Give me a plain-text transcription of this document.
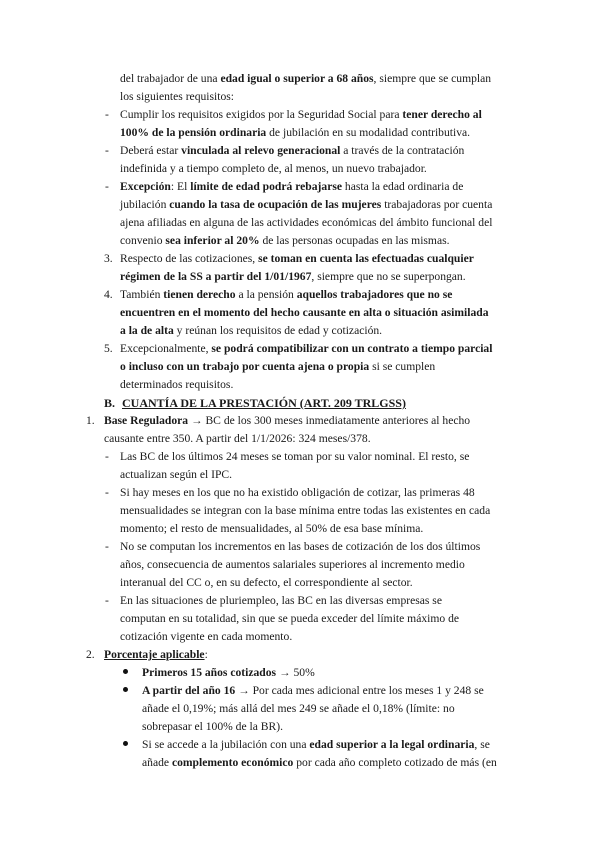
del trabajador de una edad igual o superior a 68 años, siempre que se cumplan
los siguientes requisitos:
- Cumplir los requisitos exigidos por la Seguridad Social para tener derecho al
100% de la pensión ordinaria de jubilación en su modalidad contributiva.
- Deberá estar vinculada al relevo generacional a través de la contratación
indefinida y a tiempo completo de, al menos, un nuevo trabajador.
- Excepción: El límite de edad podrá rebajarse hasta la edad ordinaria de
jubilación cuando la tasa de ocupación de las mujeres trabajadoras por cuenta
ajena afiliadas en alguna de las actividades económicas del ámbito funcional del
convenio sea inferior al 20% de las personas ocupadas en las mismas.
3. Respecto de las cotizaciones, se toman en cuenta las efectuadas cualquier
régimen de la SS a partir del 1/01/1967, siempre que no se superpongan.
4. También tienen derecho a la pensión aquellos trabajadores que no se
encuentren en el momento del hecho causante en alta o situación asimilada
a la de alta y reúnan los requisitos de edad y cotización.
5. Excepcionalmente, se podrá compatibilizar con un contrato a tiempo parcial
o incluso con un trabajo por cuenta ajena o propia si se cumplen
determinados requisitos.
B. CUANTÍA DE LA PRESTACIÓN (ART. 209 TRLGSS)
1. Base Reguladora → BC de los 300 meses inmediatamente anteriores al hecho
causante entre 350. A partir del 1/1/2026: 324 meses/378.
- Las BC de los últimos 24 meses se toman por su valor nominal. El resto, se
actualizan según el IPC.
- Si hay meses en los que no ha existido obligación de cotizar, las primeras 48
mensualidades se integran con la base mínima entre todas las existentes en cada
momento; el resto de mensualidades, al 50% de esa base mínima.
- No se computan los incrementos en las bases de cotización de los dos últimos
años, consecuencia de aumentos salariales superiores al incremento medio
interanual del CC o, en su defecto, el correspondiente al sector.
- En las situaciones de pluriempleo, las BC en las diversas empresas se
computan en su totalidad, sin que se pueda exceder del límite máximo de
cotización vigente en cada momento.
2. Porcentaje aplicable:
Primeros 15 años cotizados → 50%
A partir del año 16 → Por cada mes adicional entre los meses 1 y 248 se
añade el 0,19%; más allá del mes 249 se añade el 0,18% (límite: no
sobrepasar el 100% de la BR).
Si se accede a la jubilación con una edad superior a la legal ordinaria, se
añade complemento económico por cada año completo cotizado de más (en
